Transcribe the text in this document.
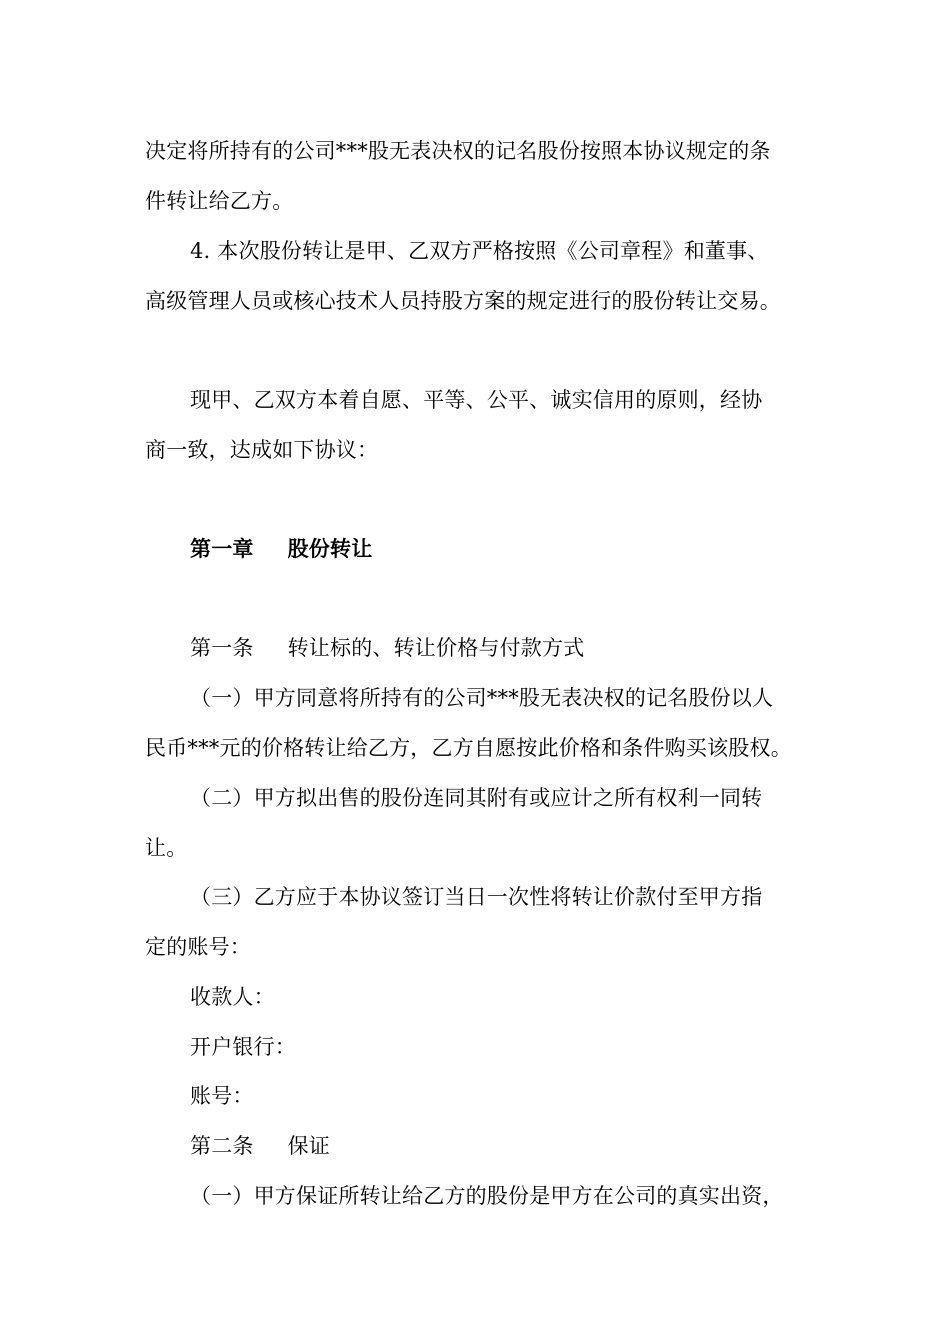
决定将所持有的公司***股无表决权的记名股份按照本协议规定的条
件转让给乙方。
4. 本次股份转让是甲、乙双方严格按照《公司章程》和董事、
高级管理人员或核心技术人员持股方案的规定进行的股份转让交易。
现甲、乙双方本着自愿、平等、公平、诚实信用的原则，经协
商一致，达成如下协议：
第一章 股份转让
第一条 转让标的、转让价格与付款方式
（一）甲方同意将所持有的公司***股无表决权的记名股份以人
民币***元的价格转让给乙方，乙方自愿按此价格和条件购买该股权。
（二）甲方拟出售的股份连同其附有或应计之所有权利一同转
让。
（三）乙方应于本协议签订当日一次性将转让价款付至甲方指
定的账号：
收款人：
开户银行：
账号：
第二条 保证
（一）甲方保证所转让给乙方的股份是甲方在公司的真实出资，
